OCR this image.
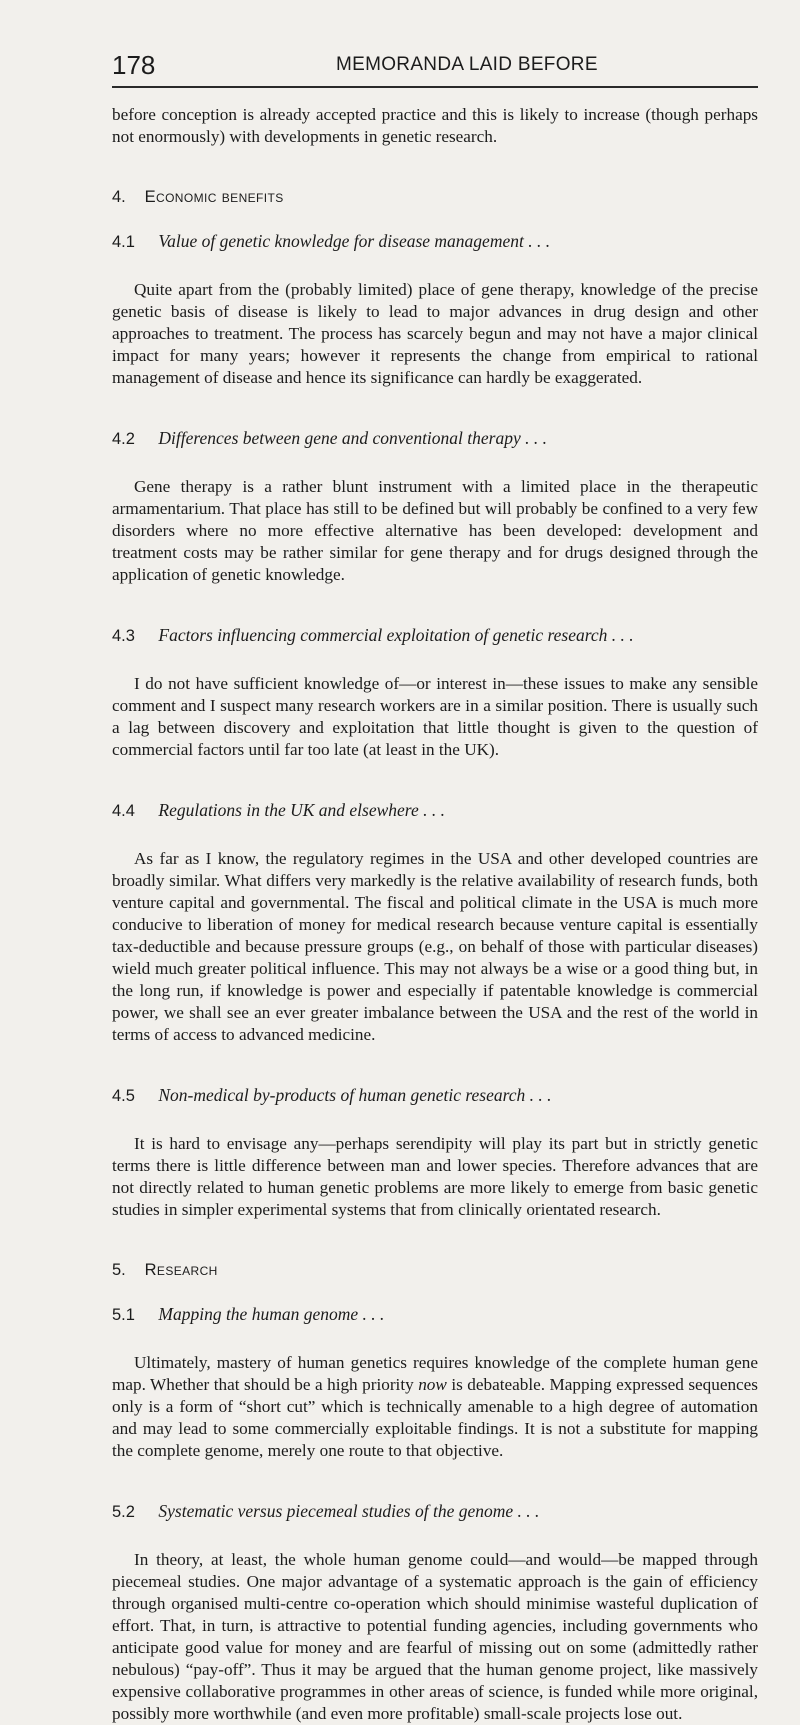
178	MEMORANDA LAID BEFORE

before conception is already accepted practice and this is likely to increase (though perhaps not enormously) with developments in genetic research.

4. Economic benefits
4.1 Value of genetic knowledge for disease management . . .

Quite apart from the (probably limited) place of gene therapy, knowledge of the precise genetic basis of disease is likely to lead to major advances in drug design and other approaches to treatment. The process has scarcely begun and may not have a major clinical impact for many years; however it represents the change from empirical to rational management of disease and hence its significance can hardly be exaggerated.

4.2 Differences between gene and conventional therapy . . .

Gene therapy is a rather blunt instrument with a limited place in the therapeutic armamentarium. That place has still to be defined but will probably be confined to a very few disorders where no more effective alternative has been developed: development and treatment costs may be rather similar for gene therapy and for drugs designed through the application of genetic knowledge.

4.3 Factors influencing commercial exploitation of genetic research . . .

I do not have sufficient knowledge of—or interest in—these issues to make any sensible comment and I suspect many research workers are in a similar position. There is usually such a lag between discovery and exploitation that little thought is given to the question of commercial factors until far too late (at least in the UK).

4.4 Regulations in the UK and elsewhere . . .

As far as I know, the regulatory regimes in the USA and other developed countries are broadly similar. What differs very markedly is the relative availability of research funds, both venture capital and governmental. The fiscal and political climate in the USA is much more conducive to liberation of money for medical research because venture capital is essentially tax-deductible and because pressure groups (e.g., on behalf of those with particular diseases) wield much greater political influence. This may not always be a wise or a good thing but, in the long run, if knowledge is power and especially if patentable knowledge is commercial power, we shall see an ever greater imbalance between the USA and the rest of the world in terms of access to advanced medicine.

4.5 Non-medical by-products of human genetic research . . .

It is hard to envisage any—perhaps serendipity will play its part but in strictly genetic terms there is little difference between man and lower species. Therefore advances that are not directly related to human genetic problems are more likely to emerge from basic genetic studies in simpler experimental systems that from clinically orientated research.

5. Research
5.1 Mapping the human genome . . .

Ultimately, mastery of human genetics requires knowledge of the complete human gene map. Whether that should be a high priority now is debateable. Mapping expressed sequences only is a form of “short cut” which is technically amenable to a high degree of automation and may lead to some commercially exploitable findings. It is not a substitute for mapping the complete genome, merely one route to that objective.

5.2 Systematic versus piecemeal studies of the genome . . .

In theory, at least, the whole human genome could—and would—be mapped through piecemeal studies. One major advantage of a systematic approach is the gain of efficiency through organised multi-centre co-operation which should minimise wasteful duplication of effort. That, in turn, is attractive to potential funding agencies, including governments who anticipate good value for money and are fearful of missing out on some (admittedly rather nebulous) “pay-off”. Thus it may be argued that the human genome project, like massively expensive collaborative programmes in other areas of science, is funded while more original, possibly more worthwhile (and even more profitable) small-scale projects lose out.
